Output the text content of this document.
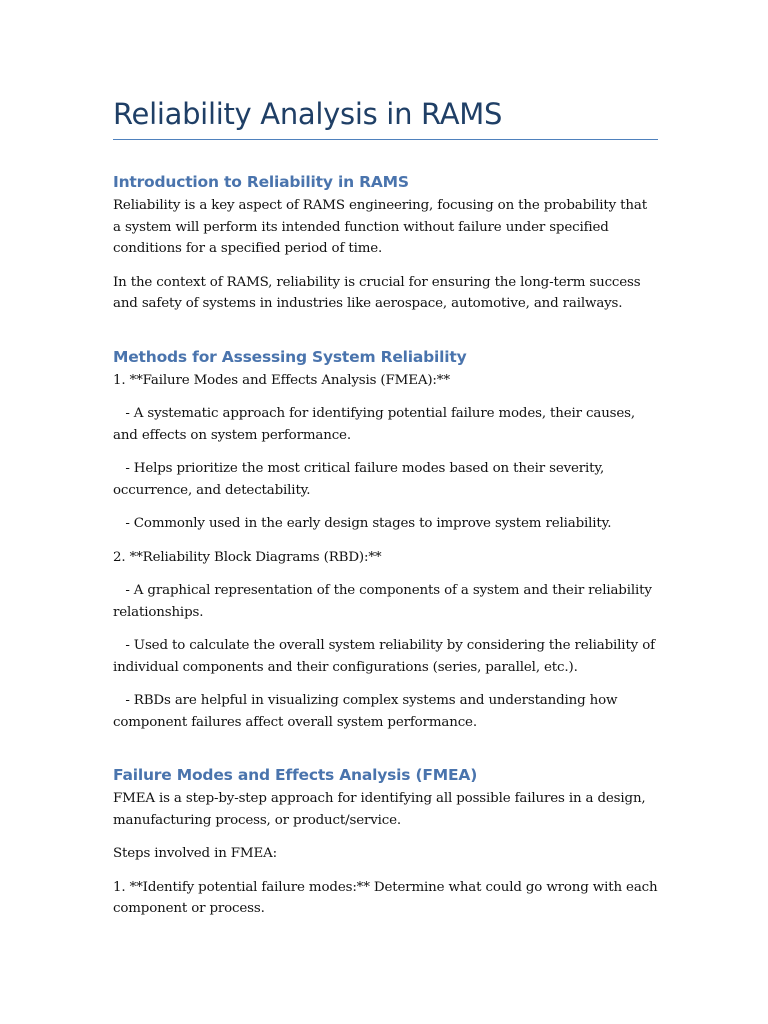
Reliability Analysis in RAMS
Introduction to Reliability in RAMS

Reliability is a key aspect of RAMS engineering, focusing on the probability that a system will perform its intended function without failure under specified conditions for a specified period of time.

In the context of RAMS, reliability is crucial for ensuring the long-term success and safety of systems in industries like aerospace, automotive, and railways.

Methods for Assessing System Reliability

1. **Failure Modes and Effects Analysis (FMEA):**

- A systematic approach for identifying potential failure modes, their causes, and effects on system performance.

- Helps prioritize the most critical failure modes based on their severity, occurrence, and detectability.

- Commonly used in the early design stages to improve system reliability.

2. **Reliability Block Diagrams (RBD):**

- A graphical representation of the components of a system and their reliability relationships.

- Used to calculate the overall system reliability by considering the reliability of individual components and their configurations (series, parallel, etc.).

- RBDs are helpful in visualizing complex systems and understanding how component failures affect overall system performance.

Failure Modes and Effects Analysis (FMEA)

FMEA is a step-by-step approach for identifying all possible failures in a design, manufacturing process, or product/service.

Steps involved in FMEA:

1. **Identify potential failure modes:** Determine what could go wrong with each component or process.
